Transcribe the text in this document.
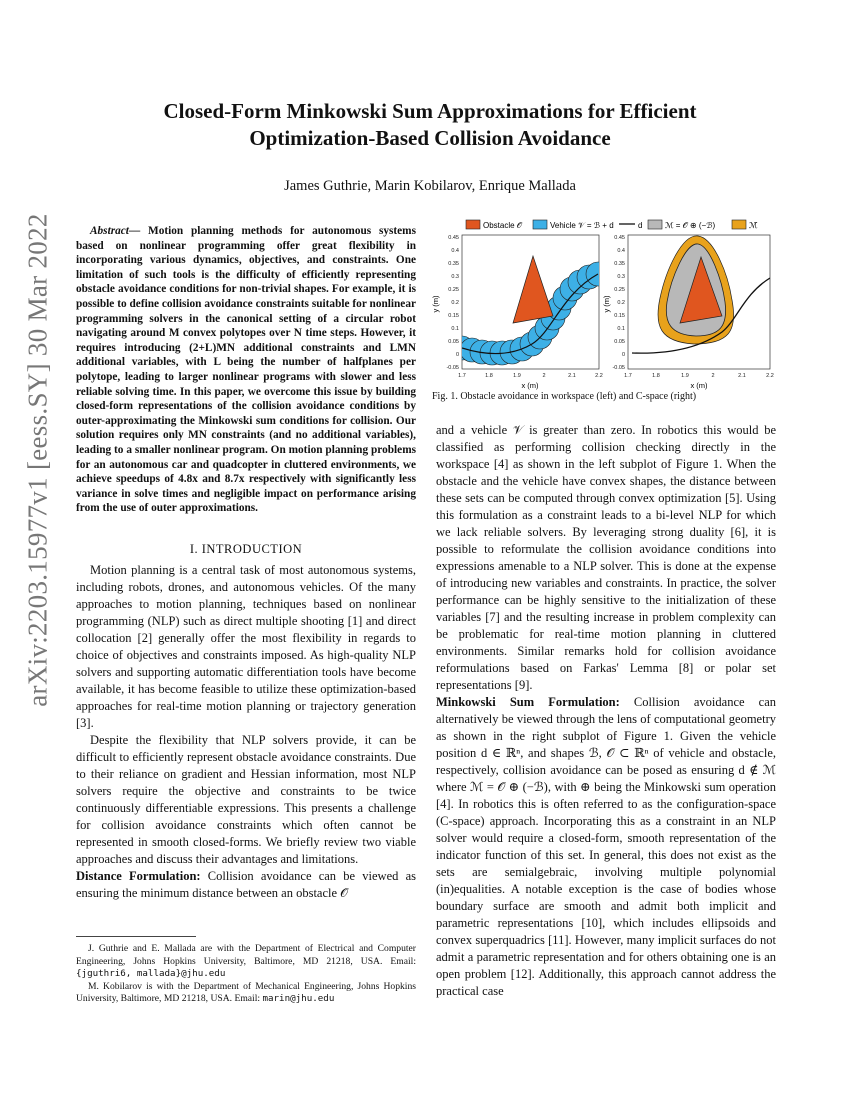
arXiv:2203.15977v1 [eess.SY] 30 Mar 2022
Closed-Form Minkowski Sum Approximations for Efficient
Optimization-Based Collision Avoidance
James Guthrie, Marin Kobilarov, Enrique Mallada
Abstract— Motion planning methods for autonomous systems based on nonlinear programming offer great flexibility in incorporating various dynamics, objectives, and constraints. One limitation of such tools is the difficulty of efficiently representing obstacle avoidance conditions for non-trivial shapes. For example, it is possible to define collision avoidance constraints suitable for nonlinear programming solvers in the canonical setting of a circular robot navigating around M convex polytopes over N time steps. However, it requires introducing (2+L)MN additional constraints and LMN additional variables, with L being the number of halfplanes per polytope, leading to larger nonlinear programs with slower and less reliable solving time. In this paper, we overcome this issue by building closed-form representations of the collision avoidance conditions by outer-approximating the Minkowski sum conditions for collision. Our solution requires only MN constraints (and no additional variables), leading to a smaller nonlinear program. On motion planning problems for an autonomous car and quadcopter in cluttered environments, we achieve speedups of 4.8x and 8.7x respectively with significantly less variance in solve times and negligible impact on performance arising from the use of outer approximations.
I. INTRODUCTION

Motion planning is a central task of most autonomous systems, including robots, drones, and autonomous vehicles. Of the many approaches to motion planning, techniques based on nonlinear programming (NLP) such as direct multiple shooting [1] and direct collocation [2] generally offer the most flexibility in regards to choice of objectives and constraints imposed. As high-quality NLP solvers and supporting automatic differentiation tools have become available, it has become feasible to utilize these optimization-based approaches for real-time motion planning or trajectory generation [3].

Despite the flexibility that NLP solvers provide, it can be difficult to efficiently represent obstacle avoidance constraints. Due to their reliance on gradient and Hessian information, most NLP solvers require the objective and constraints to be twice continuously differentiable expressions. This presents a challenge for collision avoidance constraints which often cannot be represented in smooth closed-forms. We briefly review two viable approaches and discuss their advantages and limitations.

Distance Formulation: Collision avoidance can be viewed as ensuring the minimum distance between an obstacle 𝒪

J. Guthrie and E. Mallada are with the Department of Electrical and Computer Engineering, Johns Hopkins University, Baltimore, MD 21218, USA. Email: {jguthri6, mallada}@jhu.edu

M. Kobilarov is with the Department of Mechanical Engineering, Johns Hopkins University, Baltimore, MD 21218, USA. Email: marin@jhu.edu

Obstacle 𝒪	Vehicle 𝒱 = ℬ + d	d	ℳ = 𝒪 ⊕ (−ℬ)	ℳ̃
0.45
0.4
0.35
0.3
0.25
0.2
0.15
0.1
0.05
0
-0.05
0.45
0.4
0.35
0.3
0.25
0.2
0.15
0.1
0.05
0
-0.05
1.7	1.8	1.9	2	2.1	2.2	1.7	1.8	1.9	2	2.1	2.2
x (m)	x (m)
y (m)	y (m)
Fig. 1. Obstacle avoidance in workspace (left) and C-space (right)

and a vehicle 𝒱 is greater than zero. In robotics this would be classified as performing collision checking directly in the workspace [4] as shown in the left subplot of Figure 1. When the obstacle and the vehicle have convex shapes, the distance between these sets can be computed through convex optimization [5]. Using this formulation as a constraint leads to a bi-level NLP for which we lack reliable solvers. By leveraging strong duality [6], it is possible to reformulate the collision avoidance conditions into expressions amenable to a NLP solver. This is done at the expense of introducing new variables and constraints. In practice, the solver performance can be highly sensitive to the initialization of these variables [7] and the resulting increase in problem complexity can be problematic for real-time motion planning in cluttered environments. Similar remarks hold for collision avoidance reformulations based on Farkas' Lemma [8] or polar set representations [9].

Minkowski Sum Formulation: Collision avoidance can alternatively be viewed through the lens of computational geometry as shown in the right subplot of Figure 1. Given the vehicle position d ∈ ℝⁿ, and shapes ℬ, 𝒪 ⊂ ℝⁿ of vehicle and obstacle, respectively, collision avoidance can be posed as ensuring d ∉ ℳ where ℳ = 𝒪 ⊕ (−ℬ), with ⊕ being the Minkowski sum operation [4]. In robotics this is often referred to as the configuration-space (C-space) approach. Incorporating this as a constraint in an NLP solver would require a closed-form, smooth representation of the indicator function of this set. In general, this does not exist as the sets are semialgebraic, involving multiple polynomial (in)equalities. A notable exception is the case of bodies whose boundary surface are smooth and admit both implicit and parametric representations [10], which includes ellipsoids and convex superquadrics [11]. However, many implicit surfaces do not admit a parametric representation and for others obtaining one is an open problem [12]. Additionally, this approach cannot address the practical case
